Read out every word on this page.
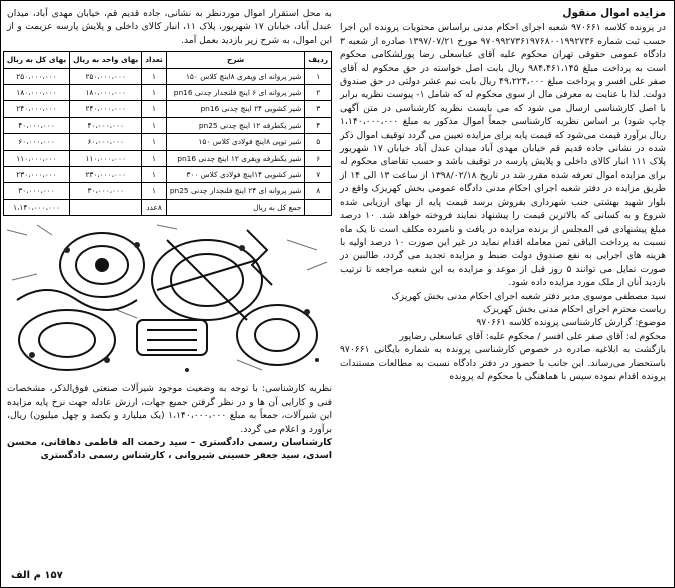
مزایده اموال منقول

در پرونده کلاسه ۹۷۰۶۶۱ شعبه اجرای احکام مدنی براساس محتویات پرونده این اجرا حسب ثبت شماره ۹۷۰۹۹۲۷۳۶۱۹۷۶۸۰۰۱۹۹۲۷۳۶ مورخ ۱۳۹۷/۰۷/۲۱ صادره از شعبه ۳ دادگاه عمومی حقوقی تهران محکوم علیه آقای عباسعلی رضا پورلشکامی محکوم است به پرداخت مبلغ ۹۸۴،۴۶۱،۱۴۵ ریال بابت اصل خواسته در حق محکوم له آقای صفر علی افسر و پرداخت مبلغ ۴۹،۲۲۴،۰۰۰ ریال بابت نیم عشر دولتی در حق صندوق دولت. لذا با عنایت به معرفی مال از سوی محکوم له که شامل ۱- پیوست نظریه برابر با اصل کارشناسی ارسال می شود که می بایست نظریه کارشناسی در متن آگهی چاپ شود) بر اساس نظریه کارشناسی جمعاً اموال مذکور به مبلغ ۱،۱۴۰،۰۰۰،۰۰۰ ریال برآورد قیمت می‌شود که قیمت پایه برای مزایده تعیین می گردد توقیف اموال ذکر شده در نشانی جاده قدیم قم خیابان مهدی آباد میدان عبدل آباد خیابان ۱۷ شهریور پلاک ۱۱۱ انبار کالای داخلی و پلایش پارسه در توقیف باشد و حسب تقاضای محکوم له برای مزایده اموال تعرفه شده مقرر شد در تاریخ ۱۳۹۸/۰۲/۱۸ از ساعت ۱۳ الی ۱۴ از طریق مزایده در دفتر شعبه اجرای احکام مدنی دادگاه عمومی بخش کهریزک واقع در بلوار شهید بهشتی جنب شهرداری بفروش برسد قیمت پایه از بهای ارزیابی شده شروع و به کسانی که بالاترین قیمت را پیشنهاد نمایند فروخته خواهد شد. ۱۰ درصد مبلغ پیشنهادی فی المجلس از برنده مزایده در یافت و نامبرده مکلف است تا یک ماه نسبت به پرداخت الباقی ثمن معامله اقدام نماید در غیر این صورت ۱۰ درصد اولیه با هزینه های اجرایی به نفع صندوق دولت ضبط و مزایده تجدید می گردد، طالبین در صورت تمایل می توانند ۵ روز قبل از موعد و مزایده به این شعبه مراجعه تا ترتیب بازدید آنان از ملک مورد مزایده داده شود.

سید مصطفی موسوی مدیر دفتر شعبه اجرای احکام مدنی بخش کهریزک

ریاست محترم اجرای احکام مدنی بخش کهریزک

موضوع: گزارش کارشناسی پرونده کلاسه ۹۷۰۶۶۱

محکوم له: آقای صفر علی افسر / محکوم علیه: آقای عباسعلی رضاپور

بازگشت به ابلاغیه صادره در خصوص کارشناسی پرونده به شماره بایگانی ۹۷۰۶۶۱ باستحضار می‌رساند. این جانب با حضور در دفتر دادگاه نسبت به مطالعات مستندات پرونده اقدام نموده سپس با هماهنگی با محکوم له پرونده

به محل استقرار اموال موردنظر به نشانی، جاده قدیم قم، خیابان مهدی آباد، میدان عبدل آباد، خیابان ۱۷ شهریور، پلاک ۱۱، انبار کالای داخلی و پلایش پارسه عزیمت و از این اموال، به شرح زیر بازدید بعمل آمد.

ردیف	شرح	تعداد	بهای واحد به ریال	بهای کل به ریال
۱	شیر پروانه ای ویفری ۸اینچ کلاس ۱۵۰	۱	۲۵۰،۰۰۰،۰۰۰	۲۵۰،۰۰۰،۰۰۰
۲	شیر پروانه ای ۶ اینچ فلنجدار چدنی pn16	۱	۱۸۰،۰۰۰،۰۰۰	۱۸۰،۰۰۰،۰۰۰
۳	شیر کشویی ۲۴ اینچ چدنی pn16	۱	۲۴۰،۰۰۰،۰۰۰	۲۴۰،۰۰۰،۰۰۰
۴	شیر یکطرفه ۱۲ اینچ چدنی pn25	۱	۴۰،۰۰۰،۰۰۰	۴۰،۰۰۰،۰۰۰
۵	شیر توپی ۸اینچ فولادی کلاس ۱۵۰	۱	۶۰،۰۰۰،۰۰۰	۶۰،۰۰۰،۰۰۰
۶	شیر یکطرفه ویفری ۱۲ اینچ چدنی pn16	۱	۱۱۰،۰۰۰،۰۰۰	۱۱۰،۰۰۰،۰۰۰
۷	شیر کشویی ۱۴اینچ فولادی کلاس ۳۰۰	۱	۲۳۰،۰۰۰،۰۰۰	۲۳۰،۰۰۰،۰۰۰
۸	شیر پروانه ای ۲۴ اینچ فلنجدار چدنی pn25	۱	۳۰،۰۰۰،۰۰۰	۳۰،۰۰۰،۰۰۰
	جمع کل به ریال	۸عدد		۱،۱۴۰،۰۰۰،۰۰۰
نظریه کارشناسی: با توجه به وضعیت موجود شیرآلات صنعتی فوق‌الذکر، مشخصات فنی و کارایی آن ها و در نظر گرفتن جمیع جهات، ارزش عادله جهت نرخ پایه مزایده این شیرآلات، جمعاً به مبلغ ۱،۱۴۰،۰۰۰،۰۰۰ (یک میلیارد و یکصد و چهل میلیون) ریال، برآورد و اعلام می گردد.
کارشناسان رسمی دادگستری – سید رحمت اله فاطمی دهاقانی، محسن اسدی، سید جعفر حسینی شیروانی ، کارشناس رسمی دادگستری
۱۵۷ م الف
